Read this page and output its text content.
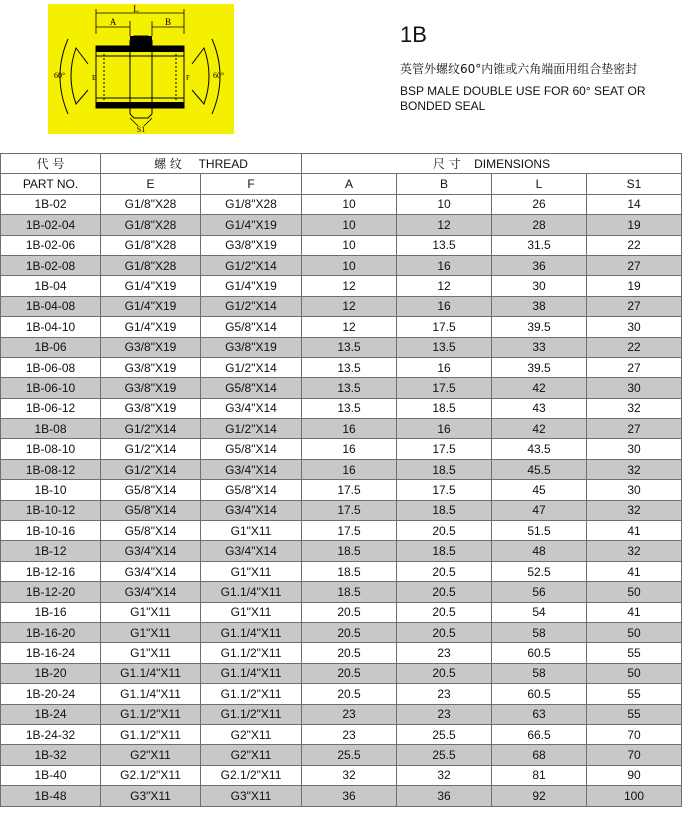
L
A	B
60°	60°
E	F
S1
1B
英管外螺纹60°内锥或六角端面用组合垫密封
BSP MALE DOUBLE USE FOR 60° SEAT OR BONDED SEAL
代 号	螺 纹 THREAD		尺 寸 DIMENSIONS			
PART NO.	E	F	A	B	L	S1
1B-02	G1/8"X28	G1/8"X28	10	10	26	14
1B-02-04	G1/8"X28	G1/4"X19	10	12	28	19
1B-02-06	G1/8"X28	G3/8"X19	10	13.5	31.5	22
1B-02-08	G1/8"X28	G1/2"X14	10	16	36	27
1B-04	G1/4"X19	G1/4"X19	12	12	30	19
1B-04-08	G1/4"X19	G1/2"X14	12	16	38	27
1B-04-10	G1/4"X19	G5/8"X14	12	17.5	39.5	30
1B-06	G3/8"X19	G3/8"X19	13.5	13.5	33	22
1B-06-08	G3/8"X19	G1/2"X14	13.5	16	39.5	27
1B-06-10	G3/8"X19	G5/8"X14	13.5	17.5	42	30
1B-06-12	G3/8"X19	G3/4"X14	13.5	18.5	43	32
1B-08	G1/2"X14	G1/2"X14	16	16	42	27
1B-08-10	G1/2"X14	G5/8"X14	16	17.5	43.5	30
1B-08-12	G1/2"X14	G3/4"X14	16	18.5	45.5	32
1B-10	G5/8"X14	G5/8"X14	17.5	17.5	45	30
1B-10-12	G5/8"X14	G3/4"X14	17.5	18.5	47	32
1B-10-16	G5/8"X14	G1"X11	17.5	20.5	51.5	41
1B-12	G3/4"X14	G3/4"X14	18.5	18.5	48	32
1B-12-16	G3/4"X14	G1"X11	18.5	20.5	52.5	41
1B-12-20	G3/4"X14	G1.1/4"X11	18.5	20.5	56	50
1B-16	G1"X11	G1"X11	20.5	20.5	54	41
1B-16-20	G1"X11	G1.1/4"X11	20.5	20.5	58	50
1B-16-24	G1"X11	G1.1/2"X11	20.5	23	60.5	55
1B-20	G1.1/4"X11	G1.1/4"X11	20.5	20.5	58	50
1B-20-24	G1.1/4"X11	G1.1/2"X11	20.5	23	60.5	55
1B-24	G1.1/2"X11	G1.1/2"X11	23	23	63	55
1B-24-32	G1.1/2"X11	G2"X11	23	25.5	66.5	70
1B-32	G2"X11	G2"X11	25.5	25.5	68	70
1B-40	G2.1/2"X11	G2.1/2"X11	32	32	81	90
1B-48	G3"X11	G3"X11	36	36	92	100
